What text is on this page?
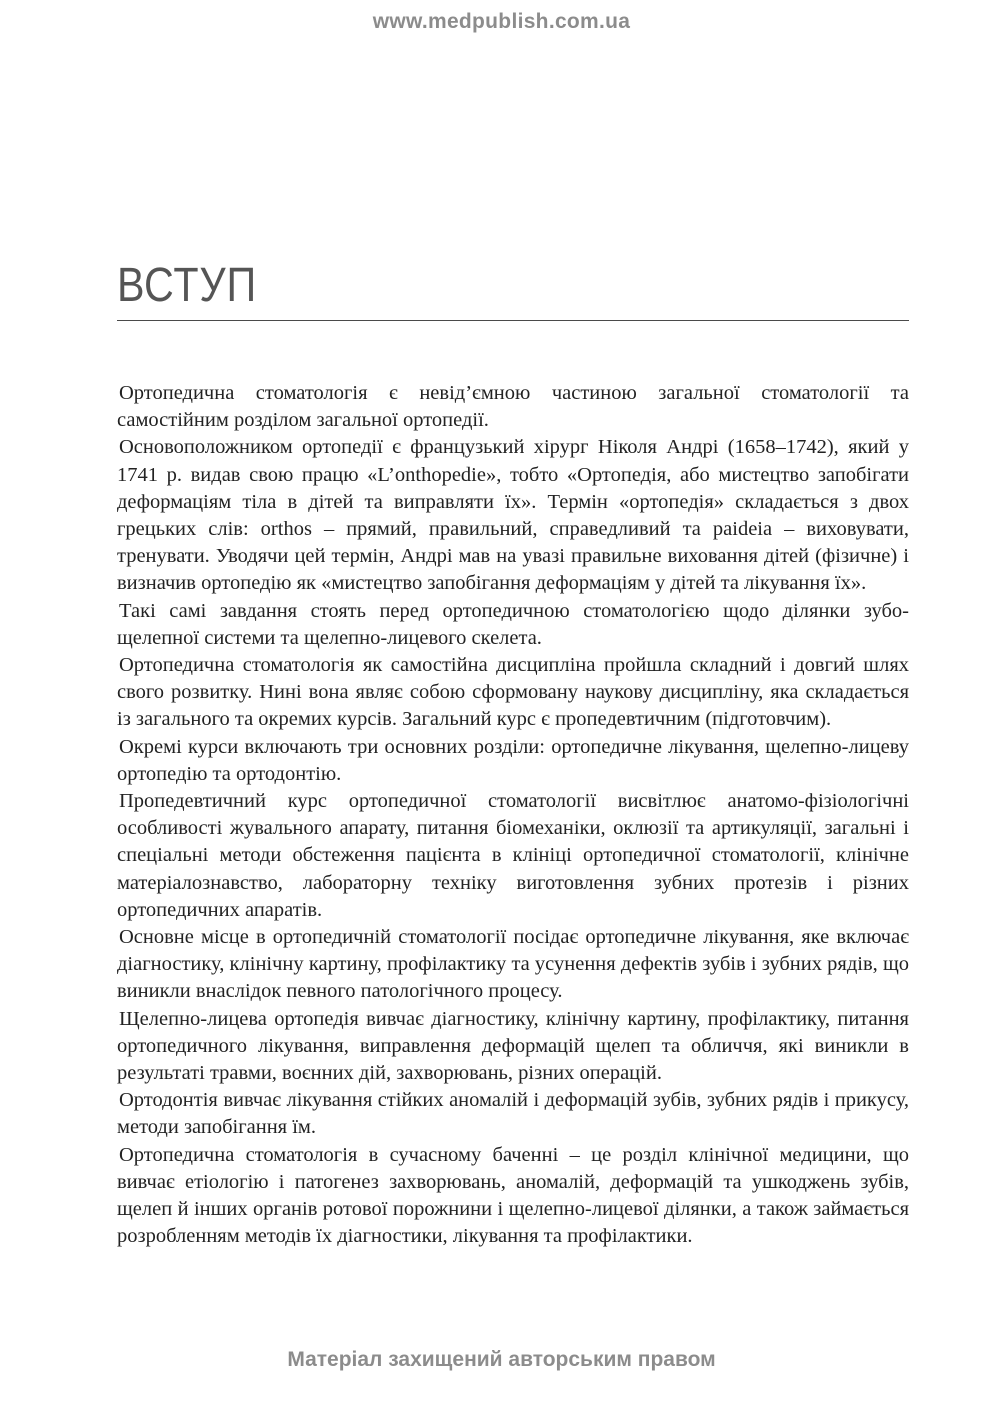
www.medpublish.com.ua
ВСТУП

Ортопедична стоматологія є невід’ємною частиною загальної стоматології та самостійним розділом загальної ортопедії.

Основоположником ортопедії є французький хірург Ніколя Андрі (1658–1742), який у 1741 р. видав свою працю «L’onthopedie», тобто «Ортопедія, або мистецтво запобігати деформаціям тіла в дітей та виправляти їх». Термін «ортопедія» складається з двох грецьких слів: orthos – прямий, правильний, справедливий та paideia – виховувати, тренувати. Уводячи цей термін, Андрі мав на увазі правильне виховання дітей (фізичне) і визначив ортопедію як «мистецтво запобігання деформаціям у дітей та лікування їх».

Такі самі завдання стоять перед ортопедичною стоматологією щодо ділянки зубо-щелепної системи та щелепно-лицевого скелета.

Ортопедична стоматологія як самостійна дисципліна пройшла складний і довгий шлях свого розвитку. Нині вона являє собою сформовану наукову дисципліну, яка складається із загального та окремих курсів. Загальний курс є пропедевтичним (підготовчим).

Окремі курси включають три основних розділи: ортопедичне лікування, щелепно-лицеву ортопедію та ортодонтію.

Пропедевтичний курс ортопедичної стоматології висвітлює анатомо-фізіологічні особливості жувального апарату, питання біомеханіки, оклюзії та артикуляції, загальні і спеціальні методи обстеження пацієнта в клініці ортопедичної стоматології, клінічне матеріалознавство, лабораторну техніку виготовлення зубних протезів і різних ортопедичних апаратів.

Основне місце в ортопедичній стоматології посідає ортопедичне лікування, яке включає діагностику, клінічну картину, профілактику та усунення дефектів зубів і зубних рядів, що виникли внаслідок певного патологічного процесу.

Щелепно-лицева ортопедія вивчає діагностику, клінічну картину, профілактику, питання ортопедичного лікування, виправлення деформацій щелеп та обличчя, які виникли в результаті травми, воєнних дій, захворювань, різних операцій.

Ортодонтія вивчає лікування стійких аномалій і деформацій зубів, зубних рядів і прикусу, методи запобігання їм.

Ортопедична стоматологія в сучасному баченні – це розділ клінічної медицини, що вивчає етіологію і патогенез захворювань, аномалій, деформацій та ушкоджень зубів, щелеп й інших органів ротової порожнини і щелепно-лицевої ділянки, а також займається розробленням методів їх діагностики, лікування та профілактики.

Матеріал захищений авторським правом
